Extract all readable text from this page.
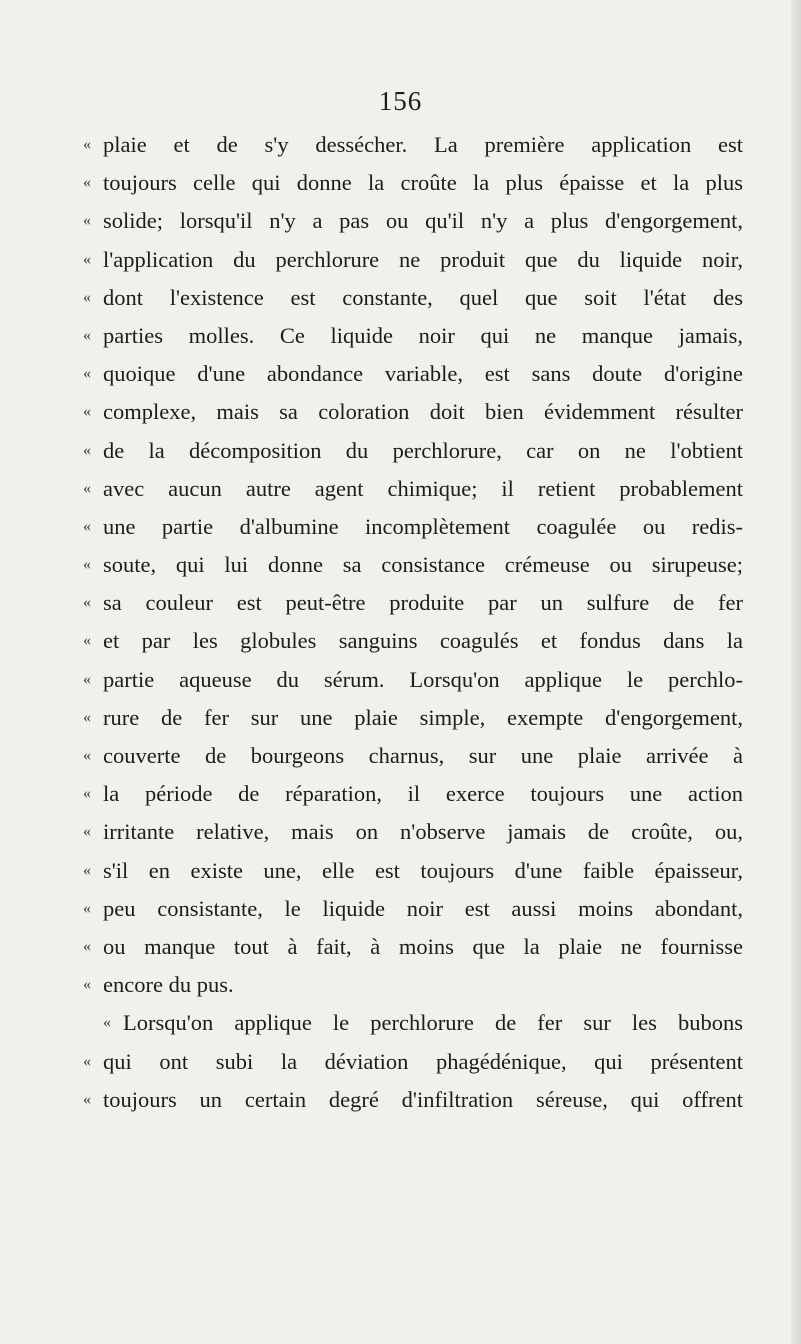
156
« plaie et de s'y dessécher. La première application est
« toujours celle qui donne la croûte la plus épaisse et la plus
« solide; lorsqu'il n'y a pas ou qu'il n'y a plus d'engorgement,
« l'application du perchlorure ne produit que du liquide noir,
« dont l'existence est constante, quel que soit l'état des
« parties molles. Ce liquide noir qui ne manque jamais,
« quoique d'une abondance variable, est sans doute d'origine
« complexe, mais sa coloration doit bien évidemment résulter
« de la décomposition du perchlorure, car on ne l'obtient
« avec aucun autre agent chimique; il retient probablement
« une partie d'albumine incomplètement coagulée ou redis-
« soute, qui lui donne sa consistance crémeuse ou sirupeuse;
« sa couleur est peut-être produite par un sulfure de fer
« et par les globules sanguins coagulés et fondus dans la
« partie aqueuse du sérum. Lorsqu'on applique le perchlo-
« rure de fer sur une plaie simple, exempte d'engorgement,
« couverte de bourgeons charnus, sur une plaie arrivée à
« la période de réparation, il exerce toujours une action
« irritante relative, mais on n'observe jamais de croûte, ou,
« s'il en existe une, elle est toujours d'une faible épaisseur,
« peu consistante, le liquide noir est aussi moins abondant,
« ou manque tout à fait, à moins que la plaie ne fournisse
« encore du pus.
« Lorsqu'on applique le perchlorure de fer sur les bubons
« qui ont subi la déviation phagédénique, qui présentent
« toujours un certain degré d'infiltration séreuse, qui offrent
